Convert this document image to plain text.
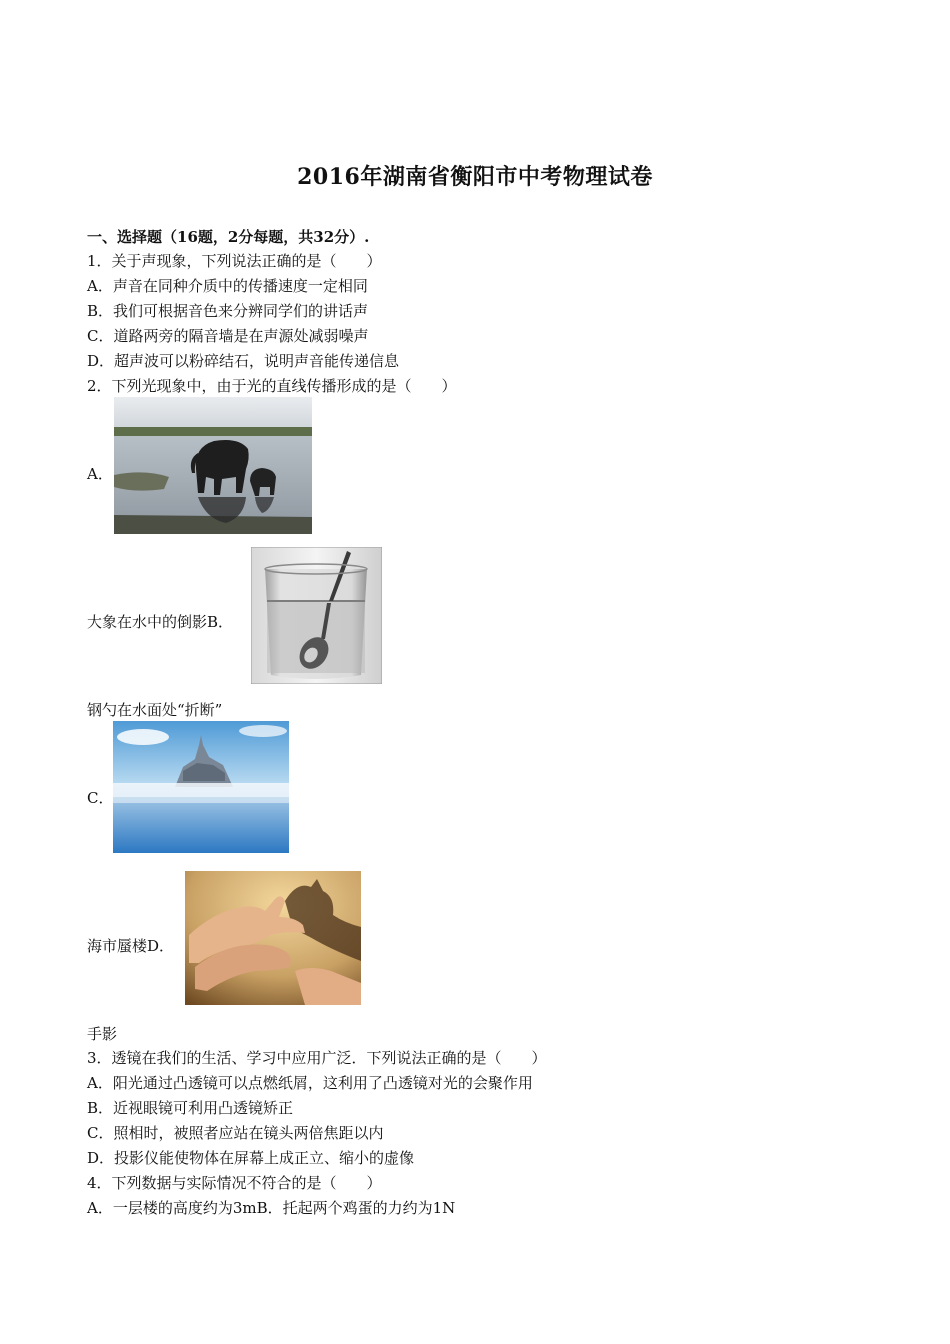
2016年湖南省衡阳市中考物理试卷
一、选择题（16题，2分每题，共32分）.
1．关于声现象，下列说法正确的是（　　）
A．声音在同种介质中的传播速度一定相同
B．我们可根据音色来分辨同学们的讲话声
C．道路两旁的隔音墙是在声源处减弱噪声
D．超声波可以粉碎结石，说明声音能传递信息
2．下列光现象中，由于光的直线传播形成的是（　　）
A．
大象在水中的倒影B．
钢勺在水面处“折断”
C．
海市蜃楼D．
手影
3．透镜在我们的生活、学习中应用广泛．下列说法正确的是（　　）
A．阳光通过凸透镜可以点燃纸屑，这利用了凸透镜对光的会聚作用
B．近视眼镜可利用凸透镜矫正
C．照相时，被照者应站在镜头两倍焦距以内
D．投影仪能使物体在屏幕上成正立、缩小的虚像
4．下列数据与实际情况不符合的是（　　）
A．一层楼的高度约为3mB．托起两个鸡蛋的力约为1N
